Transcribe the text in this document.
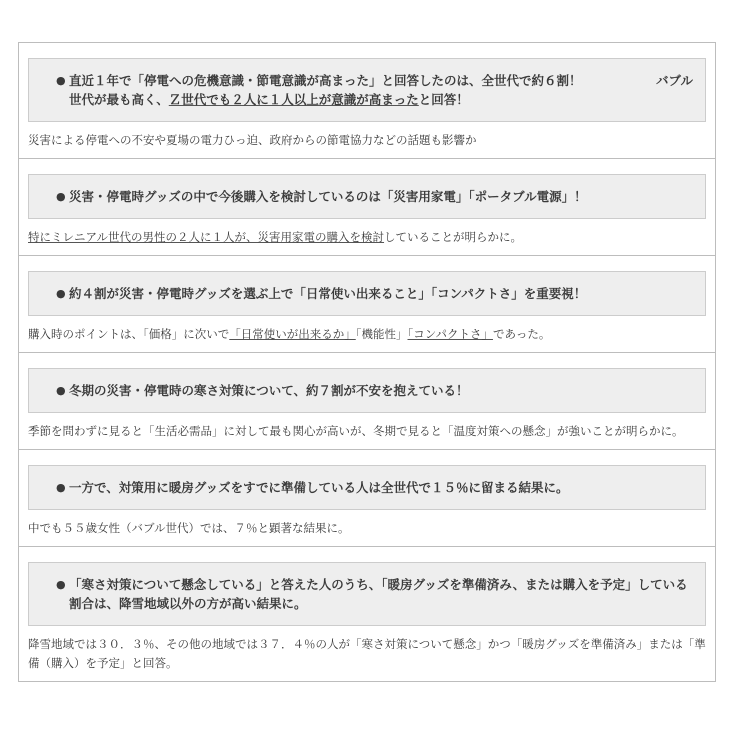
● 直近１年で「停電への危機意識・節電意識が高まった」と回答したのは、全世代で約６割！	バブル
世代が最も高く、Ｚ世代でも２人に１人以上が意識が高まったと回答！
災害による停電への不安や夏場の電力ひっ迫、政府からの節電協力などの話題も影響か
● 災害・停電時グッズの中で今後購入を検討しているのは「災害用家電」「ポータブル電源」！
特にミレニアル世代の男性の２人に１人が、災害用家電の購入を検討していることが明らかに。
● 約４割が災害・停電時グッズを選ぶ上で「日常使い出来ること」「コンパクトさ」を重要視！
購入時のポイントは、「価格」に次いで「日常使いが出来るか」「機能性」「コンパクトさ」であった。
● 冬期の災害・停電時の寒さ対策について、約７割が不安を抱えている！
季節を問わずに見ると「生活必需品」に対して最も関心が高いが、冬期で見ると「温度対策への懸念」が強いことが明らかに。
● 一方で、対策用に暖房グッズをすでに準備している人は全世代で１５％に留まる結果に。
中でも５５歳女性（バブル世代）では、７％と顕著な結果に。
● 「寒さ対策について懸念している」と答えた人のうち、「暖房グッズを準備済み、または購入を予定」している割合は、降雪地域以外の方が高い結果に。
降雪地域では３０．３％、その他の地域では３７．４％の人が「寒さ対策について懸念」かつ「暖房グッズを準備済み」または「準備（購入）を予定」と回答。
